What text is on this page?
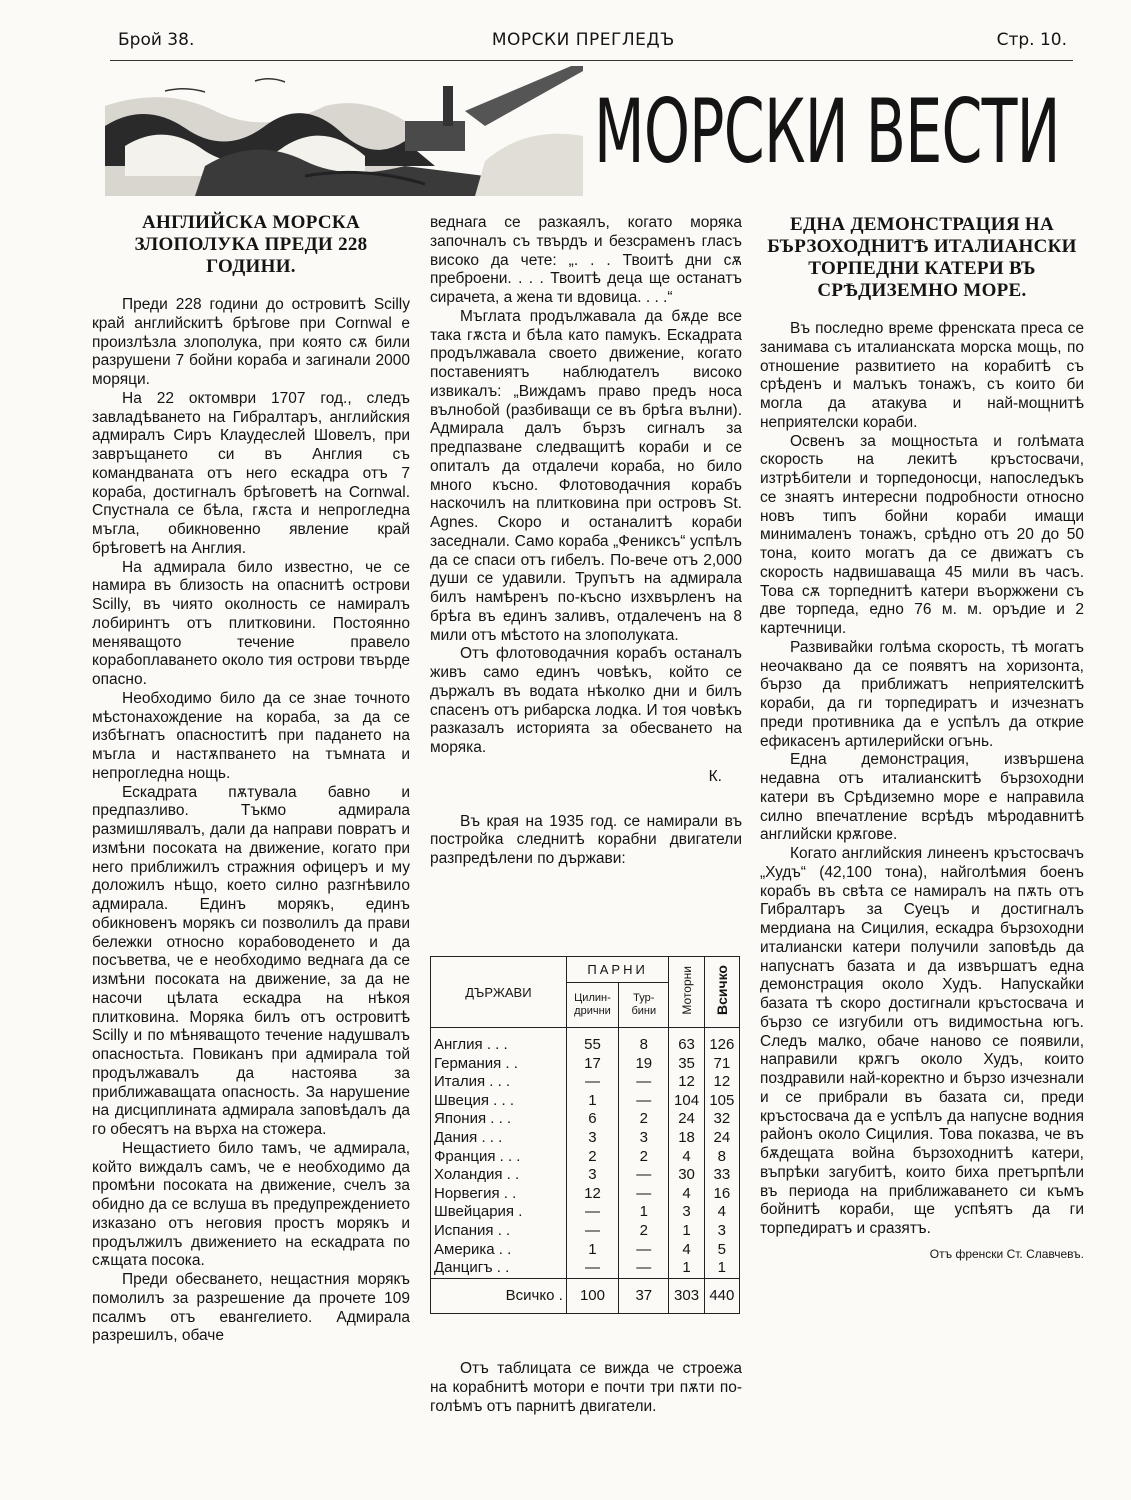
Брой 38.	МОРСКИ ПРЕГЛЕДЪ	Стр. 10.
МОРСКИ ВЕСТИ
АНГЛИЙСКА МОРСКА ЗЛОПОЛУКА ПРЕДИ 228 ГОДИНИ.

Преди 228 години до островитѣ Scilly край английскитѣ брѣгове при Cornwal е произлѣзла злополука, при която сѫ били разрушени 7 бойни кораба и загинали 2000 моряци.

На 22 октомври 1707 год., следъ завладѣването на Гибралтаръ, английския адмиралъ Сиръ Клаудеслей Шовелъ, при завръщането си въ Англия съ командваната отъ него ескадра отъ 7 кораба, достигналъ брѣговетѣ на Cornwal. Спустнала се бѣла, гѫста и непрогледна мъгла, обикновенно явление край брѣговетѣ на Англия.

На адмирала било известно, че се намира въ близость на опаснитѣ острови Scilly, въ чиято околность се намиралъ лобиринтъ отъ плитковини. Постоянно меняващото течение правело корабоплаването около тия острови твърде опасно.

Необходимо било да се знае точното мѣстонахождение на кораба, за да се избѣгнатъ опасноститѣ при падането на мъгла и настѫпването на тъмната и непрогледна нощь.

Ескадрата пѫтувала бавно и предпазливо. Тъкмо адмирала размишлявалъ, дали да направи повратъ и измѣни посоката на движение, когато при него приближилъ стражния офицеръ и му доложилъ нѣщо, което силно разгнѣвило адмирала. Единъ морякъ, единъ обикновенъ морякъ си позволилъ да прави бележки относно корабоводенето и да посъветва, че е необходимо веднага да се измѣни посоката на движение, за да не насочи цѣлата ескадра на нѣкоя плитковина. Моряка билъ отъ островитѣ Scilly и по мѣняващото течение надушвалъ опасностьта. Повиканъ при адмирала той продължавалъ да настоява за приближаващата опасность. За нарушение на дисциплината адмирала заповѣдалъ да го обесятъ на върха на стожера.

Нещастието било тамъ, че адмирала, който виждалъ самъ, че е необходимо да промѣни посоката на движение, счелъ за обидно да се вслуша въ предупреждението изказано отъ неговия простъ морякъ и продължилъ движението на ескадрата по сѫщата посока.

Преди обесването, нещастния морякъ помолилъ за разрешение да прочете 109 псалмъ отъ евангелието. Адмирала разрешилъ, обаче

веднага се разкаялъ, когато моряка започналъ съ твърдъ и безсраменъ гласъ високо да чете: „. . . Твоитѣ дни сѫ преброени. . . . Твоитѣ деца ще останатъ сирачета, а жена ти вдовица. . . .“

Мъглата продължавала да бѫде все така гѫста и бѣла като памукъ. Ескадрата продължавала своето движение, когато поставениятъ наблюдателъ високо извикалъ: „Виждамъ право предъ носа вълнобой (разбиващи се въ брѣга вълни). Адмирала далъ бързъ сигналъ за предпазване следващитѣ кораби и се опиталъ да отдалечи кораба, но било много късно. Флотоводачния корабъ наскочилъ на плитковина при островъ St. Agnes. Скоро и останалитѣ кораби заседнали. Само кораба „Фениксъ“ успѣлъ да се спаси отъ гибелъ. По-вече отъ 2,000 души се удавили. Трупътъ на адмирала билъ намѣренъ по-късно изхвърленъ на брѣга въ единъ заливъ, отдалеченъ на 8 мили отъ мѣстото на злополуката.

Отъ флотоводачния корабъ останалъ живъ само единъ човѣкъ, който се държалъ въ водата нѣколко дни и билъ спасенъ отъ рибарска лодка. И тоя човѣкъ разказалъ историята за обесването на моряка.

К.

Въ края на 1935 год. се намирали въ постройка следнитѣ корабни двигатели разпредѣлени по държави:

ДЪРЖАВИ	ПАРНИ		Моторни	Всичко
	Цилин-дрични	Тур-бини		
Англия . . .	55	8	63	126
Германия . .	17	19	35	71
Италия . . .	—	—	12	12
Швеция . . .	1	—	104	105
Япония . . .	6	2	24	32
Дания . . .	3	3	18	24
Франция . . .	2	2	4	8
Холандия . .	3	—	30	33
Норвегия . .	12	—	4	16
Швейцария .	—	1	3	4
Испания . .	—	2	1	3
Америка . .	1	—	4	5
Данцигъ . .	—	—	1	1
Всичко .	100	37	303	440

Отъ таблицата се вижда че строежа на корабнитѣ мотори е почти три пѫти по-голѣмъ отъ парнитѣ двигатели.

ЕДНА ДЕМОНСТРАЦИЯ НА БЪРЗОХОДНИТѢ ИТАЛИАНСКИ ТОРПЕДНИ КАТЕРИ ВЪ СРѢДИЗЕМНО МОРЕ.

Въ последно време френската преса се занимава съ италианската морска мощь, по отношение развитието на корабитѣ съ срѣденъ и малъкъ тонажъ, съ които би могла да атакува и най-мощнитѣ неприятелски кораби.

Освенъ за мощностьта и голѣмата скорость на лекитѣ кръстосвачи, изтрѣбители и торпедоносци, напоследъкъ се знаятъ интересни подробности относно новъ типъ бойни кораби имащи минималенъ тонажъ, срѣдно отъ 20 до 50 тона, които могатъ да се движатъ съ скорость надвишаваща 45 мили въ часъ. Това сѫ торпеднитѣ катери въоржжени съ две торпеда, едно 76 м. м. оръдие и 2 картечници.

Развивайки голѣма скорость, тѣ могатъ неочаквано да се появятъ на хоризонта, бързо да приближатъ неприятелскитѣ кораби, да ги торпедиратъ и изчезнатъ преди противника да е успѣлъ да открие ефикасенъ артилерийски огънь.

Една демонстрация, извършена недавна отъ италианскитѣ бързоходни катери въ Срѣдиземно море е направила силно впечатление всрѣдъ мѣродавнитѣ английски крѫгове.

Когато английския линеенъ кръстосвачъ „Худъ“ (42,100 тона), найголѣмия боенъ корабъ въ свѣта се намиралъ на пѫть отъ Гибралтаръ за Суецъ и достигналъ мердиана на Сицилия, ескадра бързоходни италиански катери получили заповѣдь да напуснатъ базата и да извършатъ една демонстрация около Худъ. Напускайки базата тѣ скоро достигнали кръстосвача и бързо се изгубили отъ видимостьна югъ. Следъ малко, обаче наново се появили, направили крѫгъ около Худъ, които поздравили най-коректно и бързо изчезнали и се прибрали въ базата си, преди кръстосвача да е успѣлъ да напусне водния районъ около Сицилия. Това показва, че въ бѫдещата война бързоходнитѣ катери, въпрѣки загубитѣ, които биха претърпѣли въ периода на приближаването си къмъ бойнитѣ кораби, ще успѣятъ да ги торпедиратъ и сразятъ.

Отъ френски Ст. Славчевъ.
